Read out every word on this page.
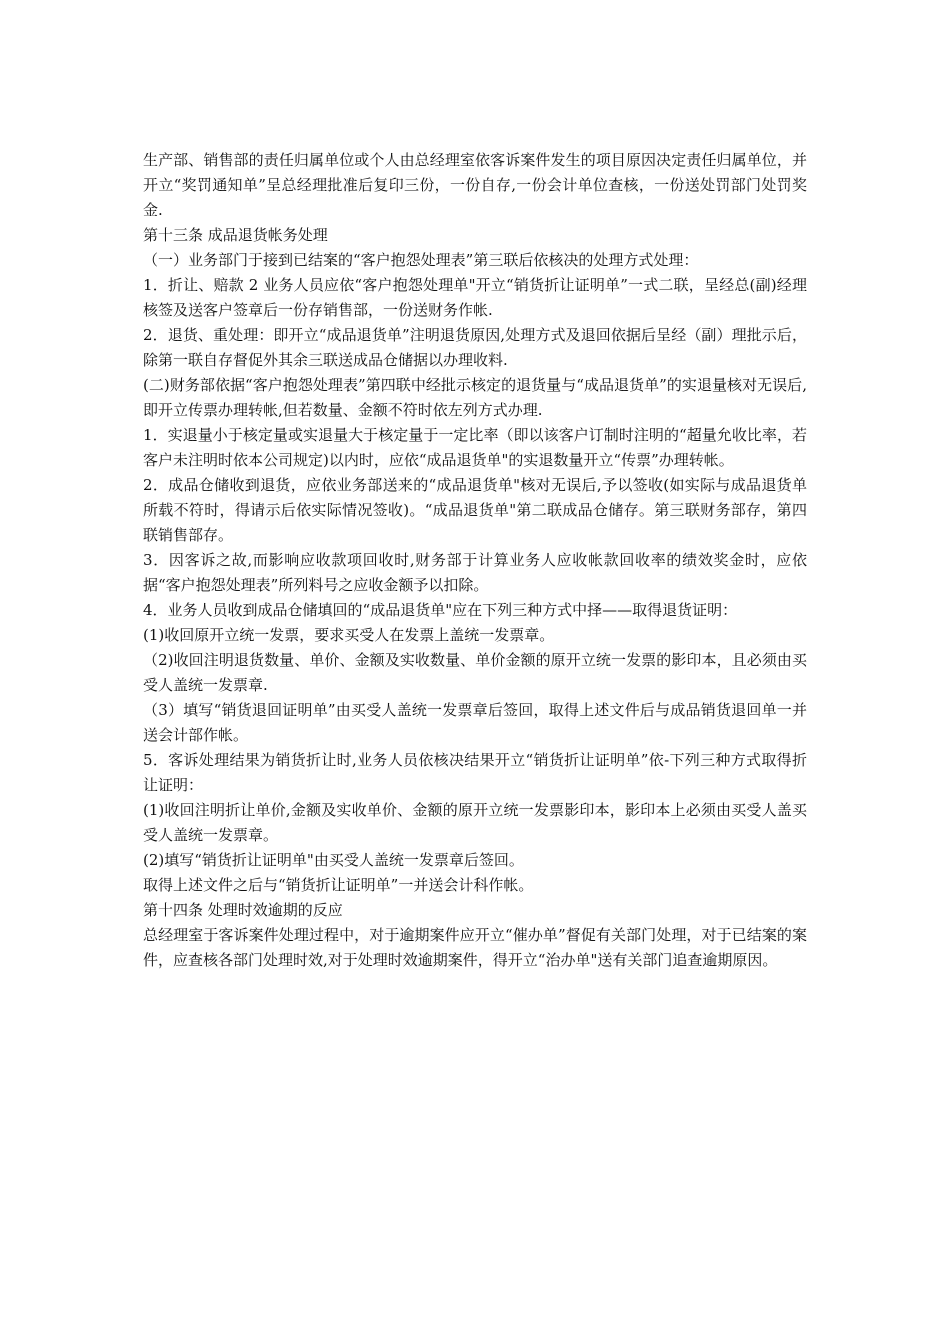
生产部、销售部的责任归属单位或个人由总经理室依客诉案件发生的项目原因决定责任归属单位，并开立“奖罚通知单”呈总经理批准后复印三份，一份自存,一份会计单位查核，一份送处罚部门处罚奖金.

第十三条 成品退货帐务处理

（一）业务部门于接到已结案的“客户抱怨处理表”第三联后依核决的处理方式处理：

1．折让、赔款 2 业务人员应依“客户抱怨处理单"开立“销货折让证明单”一式二联，呈经总(副)经理核签及送客户签章后一份存销售部，一份送财务作帐.

2．退货、重处理：即开立“成品退货单”注明退货原因,处理方式及退回依据后呈经（副）理批示后，除第一联自存督促外其余三联送成品仓储据以办理收料.

(二)财务部依据“客户抱怨处理表”第四联中经批示核定的退货量与“成品退货单”的实退量核对无误后,即开立传票办理转帐,但若数量、金额不符时依左列方式办理.

1．实退量小于核定量或实退量大于核定量于一定比率（即以该客户订制时注明的“超量允收比率，若客户未注明时依本公司规定)以内时，应依“成品退货单"的实退数量开立“传票”办理转帐。

2．成品仓储收到退货，应依业务部送来的“成品退货单"核对无误后,予以签收(如实际与成品退货单所载不符时，得请示后依实际情况签收)。“成品退货单"第二联成品仓储存。第三联财务部存，第四联销售部存。

3．因客诉之故,而影响应收款项回收时,财务部于计算业务人应收帐款回收率的绩效奖金时，应依据“客户抱怨处理表”所列料号之应收金额予以扣除。

4．业务人员收到成品仓储填回的“成品退货单"应在下列三种方式中择——取得退货证明：

(1)收回原开立统一发票，要求买受人在发票上盖统一发票章。

（2)收回注明退货数量、单价、金额及实收数量、单价金额的原开立统一发票的影印本，且必须由买受人盖统一发票章.

（3）填写“销货退回证明单”由买受人盖统一发票章后签回，取得上述文件后与成品销货退回单一并送会计部作帐。

5．客诉处理结果为销货折让时,业务人员依核决结果开立“销货折让证明单”依-下列三种方式取得折让证明：

(1)收回注明折让单价,金额及实收单价、金额的原开立统一发票影印本，影印本上必须由买受人盖买受人盖统一发票章。

(2)填写“销货折让证明单"由买受人盖统一发票章后签回。

取得上述文件之后与“销货折让证明单”一并送会计科作帐。

第十四条 处理时效逾期的反应

总经理室于客诉案件处理过程中，对于逾期案件应开立“催办单”督促有关部门处理，对于已结案的案件，应查核各部门处理时效,对于处理时效逾期案件，得开立“治办单"送有关部门追查逾期原因。
